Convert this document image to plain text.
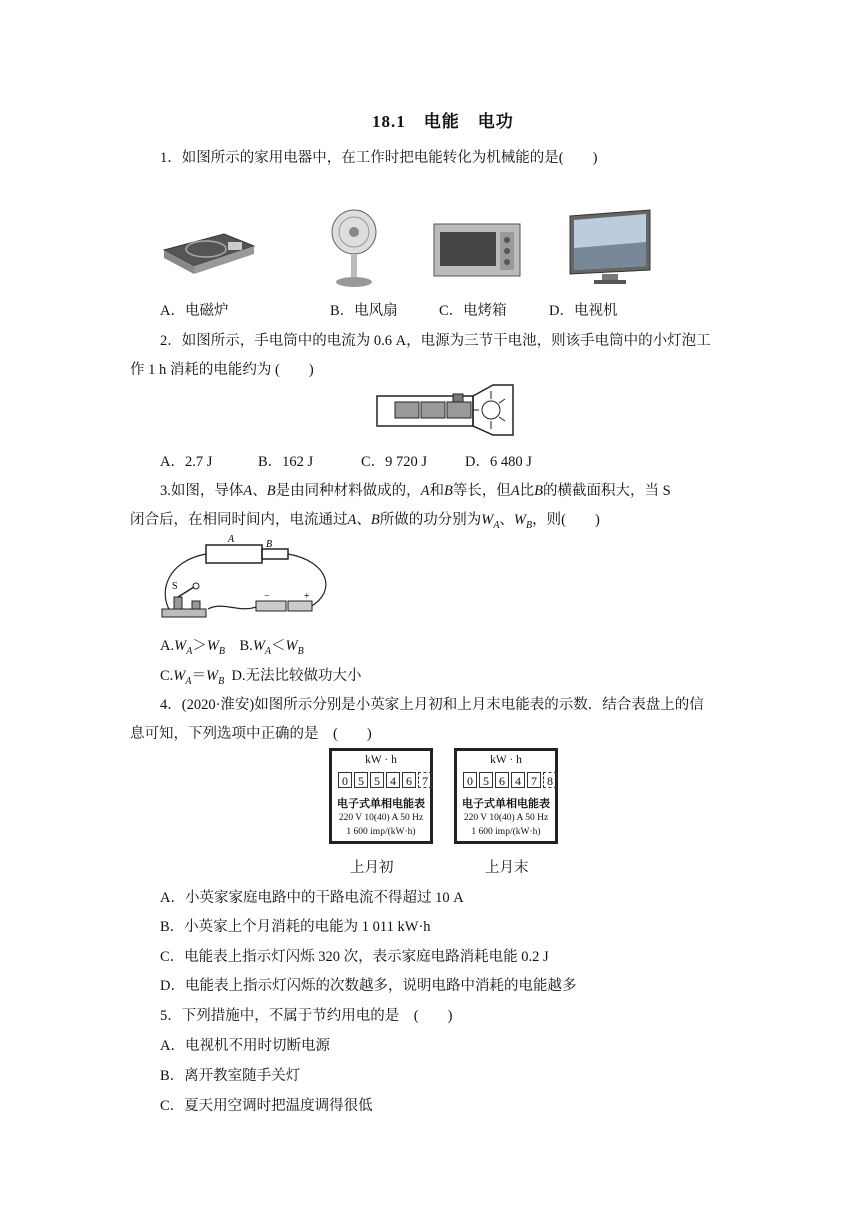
18.1　电能　电功
1．如图所示的家用电器中，在工作时把电能转化为机械能的是(　　)
A．电磁炉	B．电风扇	C．电烤箱	D．电视机
2．如图所示，手电筒中的电流为 0.6 A，电源为三节干电池，则该手电筒中的小灯泡工
作 1 h 消耗的电能约为 (　　)
A．2.7 J	B．162 J	C．9 720 J	D．6 480 J
3.如图，导体A、B是由同种材料做成的，A和B等长，但A比B的横截面积大，当 S
闭合后，在相同时间内，电流通过A、B所做的功分别为$W_A$、$W_B$，则(　　)
A	B
S
−	+
$A.W_A>W_B$  $B.W_A<W_B$
$C.W_A=W_B$  D.无法比较做功大小
4．(2020·淮安)如图所示分别是小英家上月初和上月末电能表的示数．结合表盘上的信
息可知，下列选项中正确的是　(　　)
kW · h
0 5 5 4 6 7
电子式单相电能表
220 V 10(40) A 50 Hz
1 600 imp/(kW·h)
kW · h
0 5 6 4 7 8
电子式单相电能表
220 V 10(40) A 50 Hz
1 600 imp/(kW·h)
上月初	上月末
A．小英家家庭电路中的干路电流不得超过 10 A
B．小英家上个月消耗的电能为 1 011 kW·h
C．电能表上指示灯闪烁 320 次，表示家庭电路消耗电能 0.2 J
D．电能表上指示灯闪烁的次数越多，说明电路中消耗的电能越多
5．下列措施中，不属于节约用电的是　(　　)
A．电视机不用时切断电源
B．离开教室随手关灯
C．夏天用空调时把温度调得很低
